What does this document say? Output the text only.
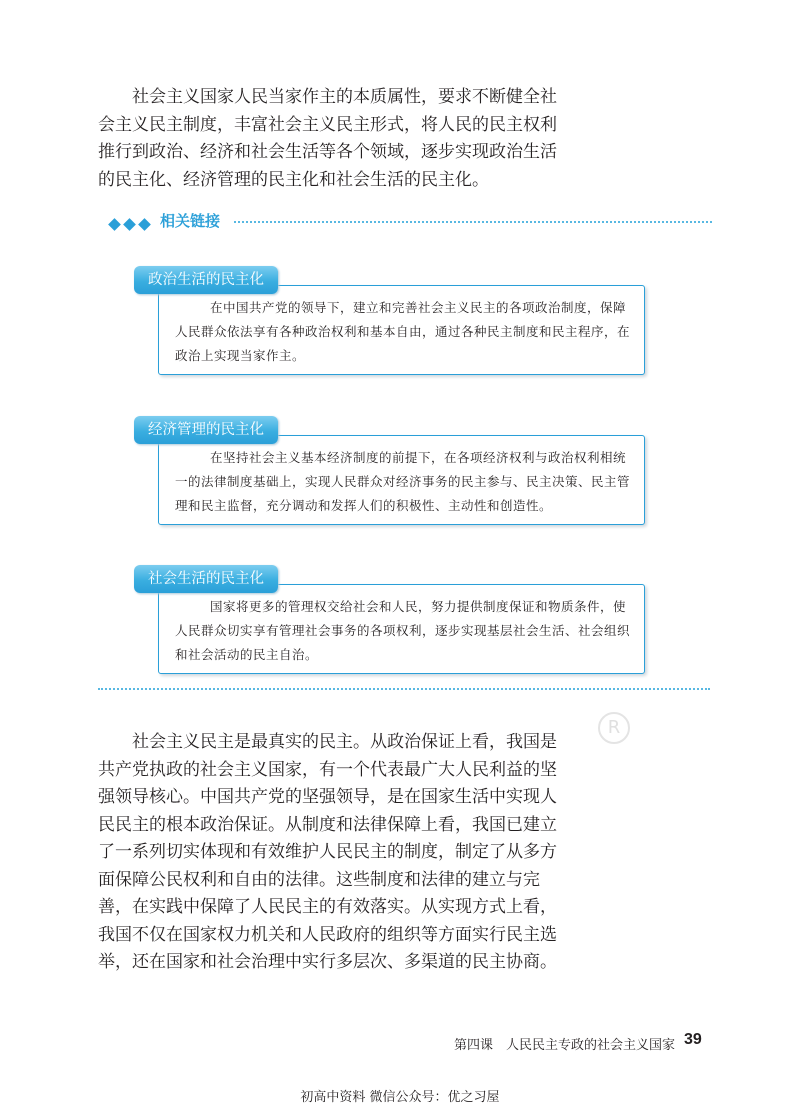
社会主义国家人民当家作主的本质属性，要求不断健全社会主义民主制度，丰富社会主义民主形式，将人民的民主权利推行到政治、经济和社会生活等各个领域，逐步实现政治生活的民主化、经济管理的民主化和社会生活的民主化。

相关链接

在中国共产党的领导下，建立和完善社会主义民主的各项政治制度，保障人民群众依法享有各种政治权利和基本自由，通过各种民主制度和民主程序，在政治上实现当家作主。

政治生活的民主化

在坚持社会主义基本经济制度的前提下，在各项经济权利与政治权利相统一的法律制度基础上，实现人民群众对经济事务的民主参与、民主决策、民主管理和民主监督，充分调动和发挥人们的积极性、主动性和创造性。

经济管理的民主化

国家将更多的管理权交给社会和人民，努力提供制度保证和物质条件，使人民群众切实享有管理社会事务的各项权利，逐步实现基层社会生活、社会组织和社会活动的民主自治。

社会生活的民主化
R

社会主义民主是最真实的民主。从政治保证上看，我国是共产党执政的社会主义国家，有一个代表最广大人民利益的坚强领导核心。中国共产党的坚强领导，是在国家生活中实现人民民主的根本政治保证。从制度和法律保障上看，我国已建立了一系列切实体现和有效维护人民民主的制度，制定了从多方面保障公民权利和自由的法律。这些制度和法律的建立与完善，在实践中保障了人民民主的有效落实。从实现方式上看，我国不仅在国家权力机关和人民政府的组织等方面实行民主选举，还在国家和社会治理中实行多层次、多渠道的民主协商。

第四课　人民民主专政的社会主义国家 39
初高中资料 微信公众号：优之习屋
